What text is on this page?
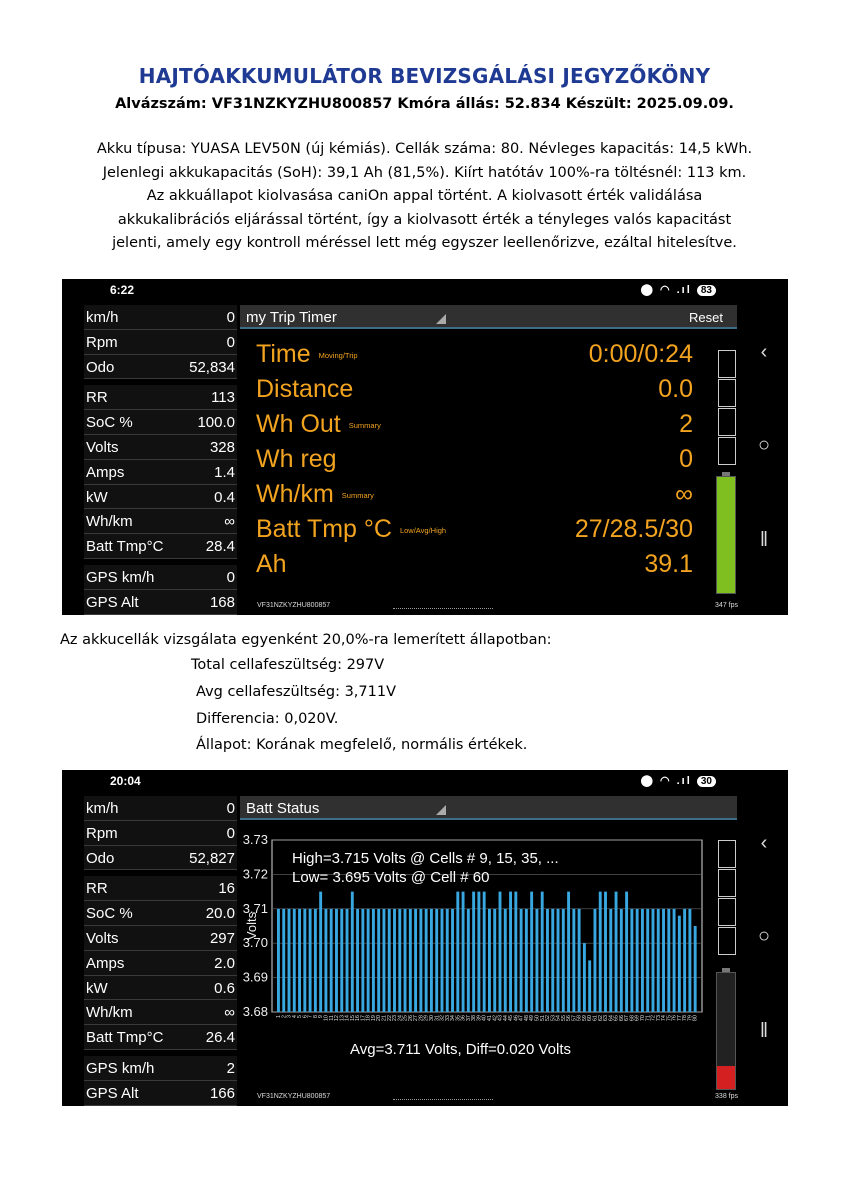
HAJTÓAKKUMULÁTOR BEVIZSGÁLÁSI JEGYZŐKÖNY
Alvázszám: VF31NZKYZHU800857 Kmóra állás: 52.834 Készült: 2025.09.09.
Akku típusa: YUASA LEV50N (új kémiás). Cellák száma: 80. Névleges kapacitás: 14,5 kWh.
Jelenlegi akkukapacitás (SoH): 39,1 Ah (81,5%). Kiírt hatótáv 100%-ra töltésnél: 113 km.
Az akkuállapot kiolvasása caniOn appal történt. A kiolvasott érték validálása
akkukalibrációs eljárással történt, így a kiolvasott érték a tényleges valós kapacitást
jelenti, amely egy kontroll méréssel lett még egyszer leellenőrizve, ezáltal hitelesítve.
6:22	⬤ ◠ .ıl 83
km/h	0
Rpm	0
Odo	52,834
RR	113
SoC %	100.0
Volts	328
Amps	1.4
kW	0.4
Wh/km	∞
Batt Tmp°C	28.4
GPS km/h	0
GPS Alt	168
my Trip Timer	Reset
Time Moving/Trip	0:00/0:24
Distance	0.0
Wh Out Summary	2
Wh reg	0
Wh/km Summary	∞
Batt Tmp °C Low/Avg/High	27/28.5/30
Ah	39.1
‹
○
‖
VF31NZKYZHU800857	347 fps
Az akkucellák vizsgálata egyenként 20,0%-ra lemerített állapotban:
Total cellafeszültség: 297V
Avg cellafeszültség: 3,711V
Differencia: 0,020V.
Állapot: Korának megfelelő, normális értékek.
20:04	⬤ ◠ .ıl 30
km/h	0
Rpm	0
Odo	52,827
RR	16
SoC %	20.0
Volts	297
Amps	2.0
kW	0.6
Wh/km	∞
Batt Tmp°C	26.4
GPS km/h	2
GPS Alt	166
Batt Status
3.73
3.72
3.71
3.70
3.69
3.68
Volts
1 2 3 4 5 6 7 8 9 10 11 12 13 14 15 16 17 18 19 20 21 22 23 24 25 26 27 28 29 30 31 32 33 34 35 36 37 38 39 40 41 42 43 44 45 46 47 48 49 50 51 52 53 54 55 56 57 58 59 60 61 62 63 64 65 66 67 68 69 70 71 72 73 74 75 76 77 78 79 80
High=3.715 Volts @ Cells # 9, 15, 35, ...
Low= 3.695 Volts @ Cell # 60
Avg=3.711 Volts, Diff=0.020 Volts
‹
○
‖
VF31NZKYZHU800857	338 fps
